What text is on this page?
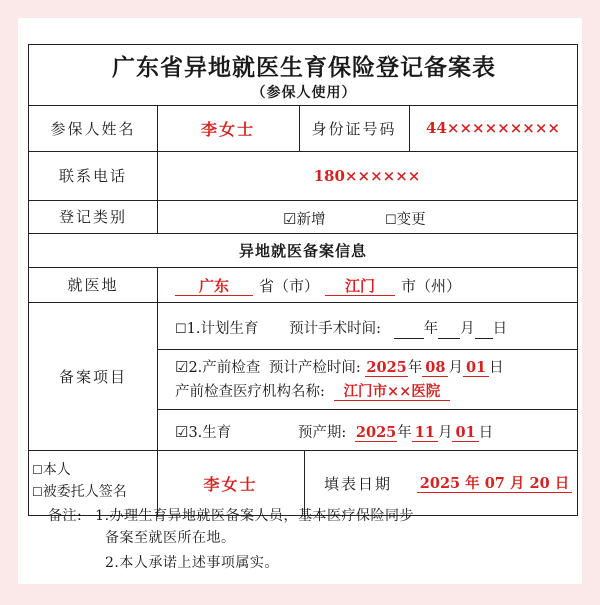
广东省异地就医生育保险登记备案表
（参保人使用）
参保人姓名	李女士	身份证号码	44×××××××××
联系电话	180××××××
登记类别	☑新增	☐变更
异地就医备案信息
就医地	广东 省（市） 江门 市（州）
备案项目
☐1.计划生育 预计手术时间:	年 月 日
☑2.产前检查 预计产检时间: 2025年 08 月 01 日
产前检查医疗机构名称: 江门市××医院
☑3.生育	预产期: 2025年 11 月 01 日
☐本人
☐被委托人签名	李女士	填表日期	2025 年 07 月 20 日
备注: 1.办理生育异地就医备案人员，基本医疗保险同步
备案至就医所在地。
2.本人承诺上述事项属实。
